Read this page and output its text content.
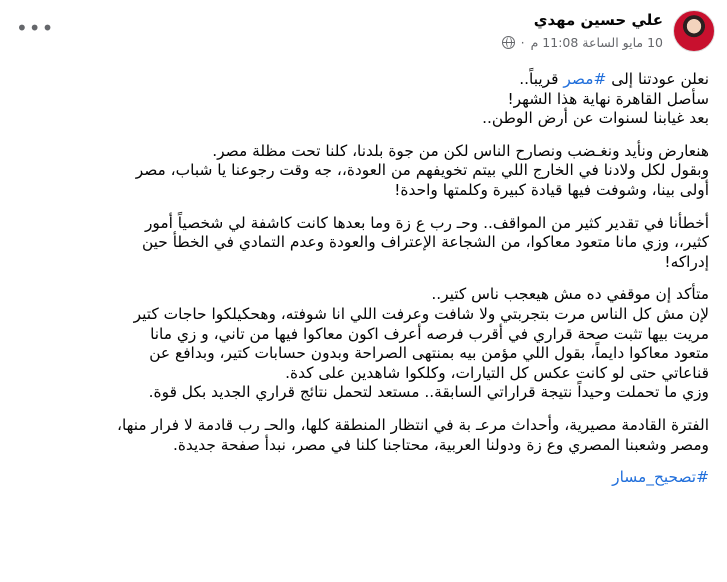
علي حسين مهدي
10 مايو الساعة 11:08 م ·
•••
نعلن عودتنا إلى #مصر قريباً..
سأصل القاهرة نهاية هذا الشهر!
بعد غيابنا لسنوات عن أرض الوطن..
هنعارض ونأيد ونغـضب ونصارح الناس لكن من جوة بلدنا، كلنا تحت مظلة مصر.
وبقول لكل ولادنا في الخارج اللي بيتم تخويفهم من العودة،، جه وقت رجوعنا يا شباب، مصر
أولى بينا، وشوفت فيها قيادة كبيرة وكلمتها واحدة!
أخطأنا في تقدير كثير من المواقف.. وحـ رب ع زة وما بعدها كانت كاشفة لي شخصياً أمور
كثير،، وزي مانا متعود معاكوا، من الشجاعة الإعتراف والعودة وعدم التمادي في الخطأ حين
إدراكه!
متأكد إن موقفي ده مش هيعجب ناس كتير..
لإن مش كل الناس مرت بتجربتي ولا شافت وعرفت اللي انا شوفته، وهحكيلكوا حاجات كتير
مريت بيها تثبت صحة قراري في أقرب فرصه أعرف اكون معاكوا فيها من تاني، و زي مانا
متعود معاكوا دايماً، بقول اللي مؤمن بيه بمنتهى الصراحة وبدون حسابات كتير، وبدافع عن
قناعاتي حتى لو كانت عكس كل التيارات، وكلكوا شاهدين على كدة.
وزي ما تحملت وحيداً نتيجة قراراتي السابقة.. مستعد لتحمل نتائج قراري الجديد بكل قوة.
الفترة القادمة مصيرية، وأحداث مرعـ بة في انتظار المنطقة كلها، والحـ رب قادمة لا فرار منها،
ومصر وشعبنا المصري وع زة ودولنا العربية، محتاجنا كلنا في مصر، نبدأ صفحة جديدة.
#تصحيح_مسار
